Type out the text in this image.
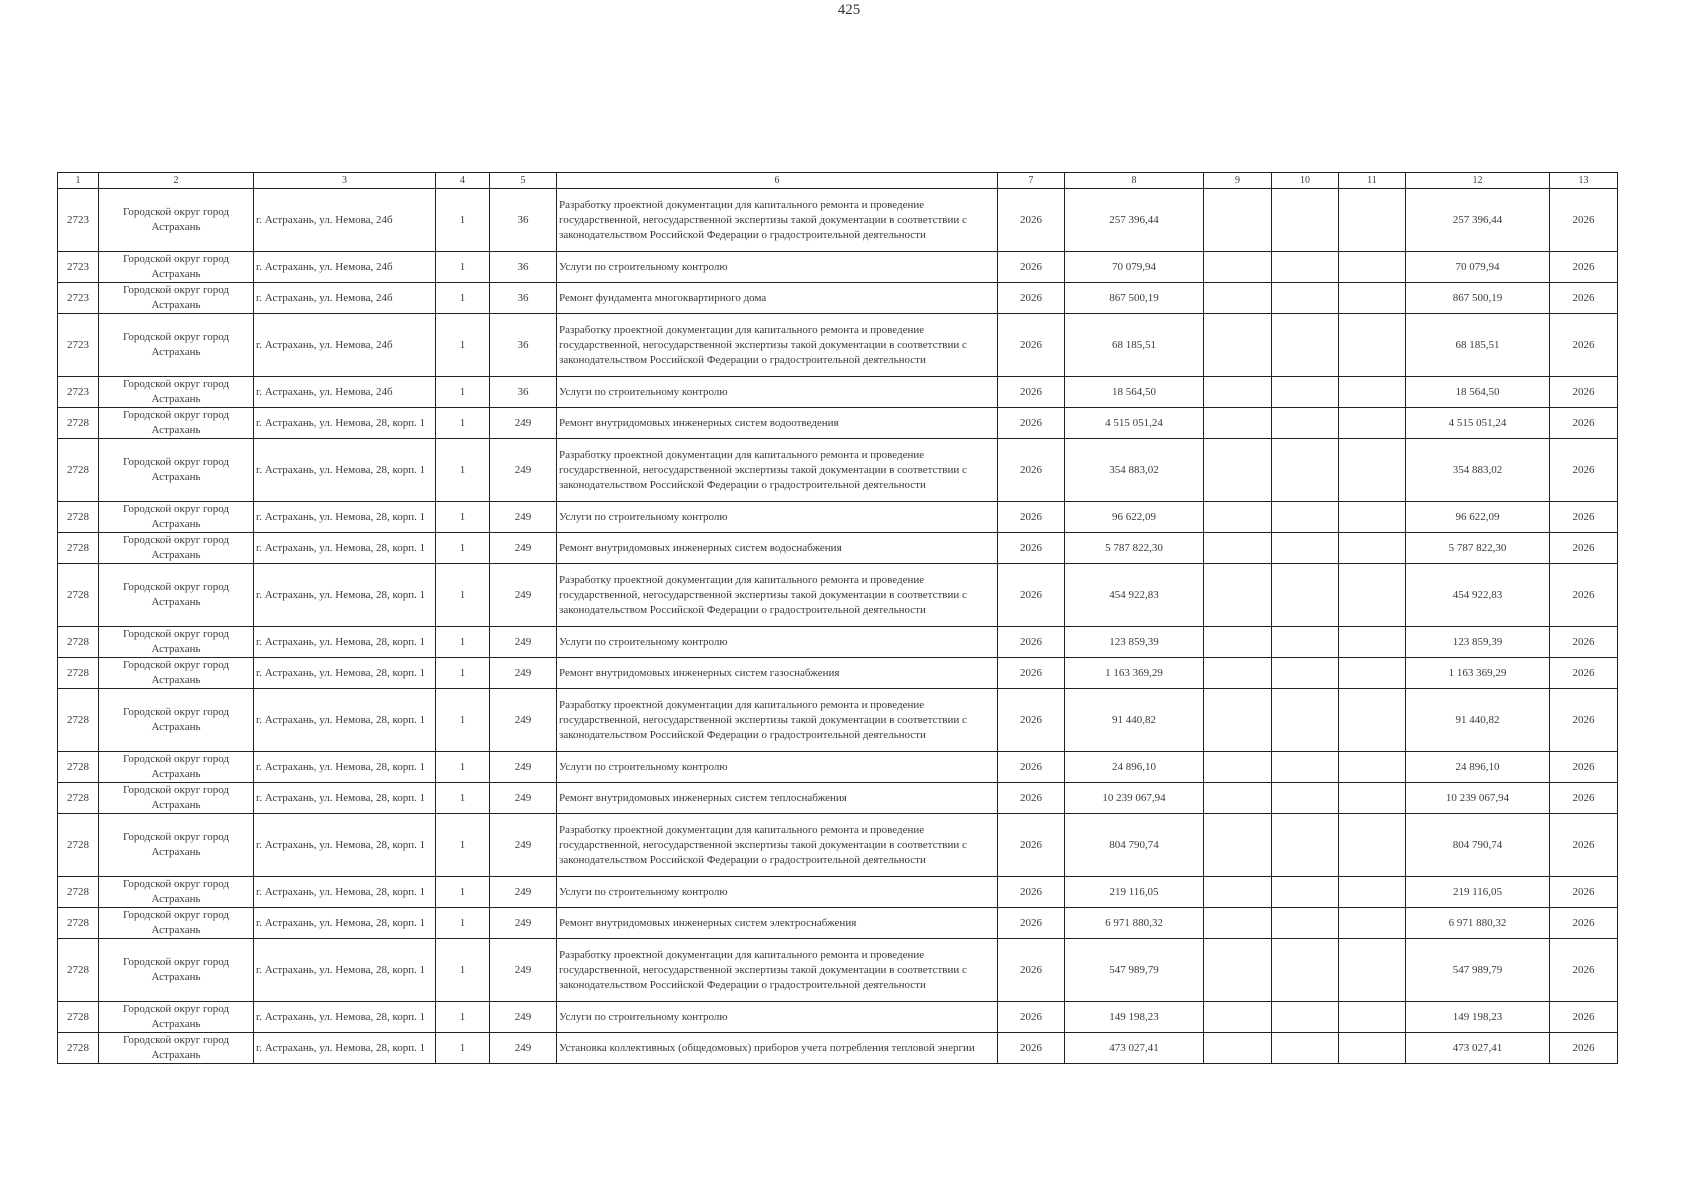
425
1	2	3	4	5	6	7	8	9	10	11	12	13
2723	Городской округ город Астрахань	г. Астрахань, ул. Немова, 24б	1	36	Разработку проектной документации для капитального ремонта и проведение государственной, негосударственной экспертизы такой документации в соответствии с законодательством Российской Федерации о градостроительной деятельности	2026	257 396,44				257 396,44	2026
2723	Городской округ город Астрахань	г. Астрахань, ул. Немова, 24б	1	36	Услуги по строительному контролю	2026	70 079,94				70 079,94	2026
2723	Городской округ город Астрахань	г. Астрахань, ул. Немова, 24б	1	36	Ремонт фундамента многоквартирного дома	2026	867 500,19				867 500,19	2026
2723	Городской округ город Астрахань	г. Астрахань, ул. Немова, 24б	1	36	Разработку проектной документации для капитального ремонта и проведение государственной, негосударственной экспертизы такой документации в соответствии с законодательством Российской Федерации о градостроительной деятельности	2026	68 185,51				68 185,51	2026
2723	Городской округ город Астрахань	г. Астрахань, ул. Немова, 24б	1	36	Услуги по строительному контролю	2026	18 564,50				18 564,50	2026
2728	Городской округ город Астрахань	г. Астрахань, ул. Немова, 28, корп. 1	1	249	Ремонт внутридомовых инженерных систем водоотведения	2026	4 515 051,24				4 515 051,24	2026
2728	Городской округ город Астрахань	г. Астрахань, ул. Немова, 28, корп. 1	1	249	Разработку проектной документации для капитального ремонта и проведение государственной, негосударственной экспертизы такой документации в соответствии с законодательством Российской Федерации о градостроительной деятельности	2026	354 883,02				354 883,02	2026
2728	Городской округ город Астрахань	г. Астрахань, ул. Немова, 28, корп. 1	1	249	Услуги по строительному контролю	2026	96 622,09				96 622,09	2026
2728	Городской округ город Астрахань	г. Астрахань, ул. Немова, 28, корп. 1	1	249	Ремонт внутридомовых инженерных систем водоснабжения	2026	5 787 822,30				5 787 822,30	2026
2728	Городской округ город Астрахань	г. Астрахань, ул. Немова, 28, корп. 1	1	249	Разработку проектной документации для капитального ремонта и проведение государственной, негосударственной экспертизы такой документации в соответствии с законодательством Российской Федерации о градостроительной деятельности	2026	454 922,83				454 922,83	2026
2728	Городской округ город Астрахань	г. Астрахань, ул. Немова, 28, корп. 1	1	249	Услуги по строительному контролю	2026	123 859,39				123 859,39	2026
2728	Городской округ город Астрахань	г. Астрахань, ул. Немова, 28, корп. 1	1	249	Ремонт внутридомовых инженерных систем газоснабжения	2026	1 163 369,29				1 163 369,29	2026
2728	Городской округ город Астрахань	г. Астрахань, ул. Немова, 28, корп. 1	1	249	Разработку проектной документации для капитального ремонта и проведение государственной, негосударственной экспертизы такой документации в соответствии с законодательством Российской Федерации о градостроительной деятельности	2026	91 440,82				91 440,82	2026
2728	Городской округ город Астрахань	г. Астрахань, ул. Немова, 28, корп. 1	1	249	Услуги по строительному контролю	2026	24 896,10				24 896,10	2026
2728	Городской округ город Астрахань	г. Астрахань, ул. Немова, 28, корп. 1	1	249	Ремонт внутридомовых инженерных систем теплоснабжения	2026	10 239 067,94				10 239 067,94	2026
2728	Городской округ город Астрахань	г. Астрахань, ул. Немова, 28, корп. 1	1	249	Разработку проектной документации для капитального ремонта и проведение государственной, негосударственной экспертизы такой документации в соответствии с законодательством Российской Федерации о градостроительной деятельности	2026	804 790,74				804 790,74	2026
2728	Городской округ город Астрахань	г. Астрахань, ул. Немова, 28, корп. 1	1	249	Услуги по строительному контролю	2026	219 116,05				219 116,05	2026
2728	Городской округ город Астрахань	г. Астрахань, ул. Немова, 28, корп. 1	1	249	Ремонт внутридомовых инженерных систем электроснабжения	2026	6 971 880,32				6 971 880,32	2026
2728	Городской округ город Астрахань	г. Астрахань, ул. Немова, 28, корп. 1	1	249	Разработку проектной документации для капитального ремонта и проведение государственной, негосударственной экспертизы такой документации в соответствии с законодательством Российской Федерации о градостроительной деятельности	2026	547 989,79				547 989,79	2026
2728	Городской округ город Астрахань	г. Астрахань, ул. Немова, 28, корп. 1	1	249	Услуги по строительному контролю	2026	149 198,23				149 198,23	2026
2728	Городской округ город Астрахань	г. Астрахань, ул. Немова, 28, корп. 1	1	249	Установка коллективных (общедомовых) приборов учета потребления тепловой энергии	2026	473 027,41				473 027,41	2026
